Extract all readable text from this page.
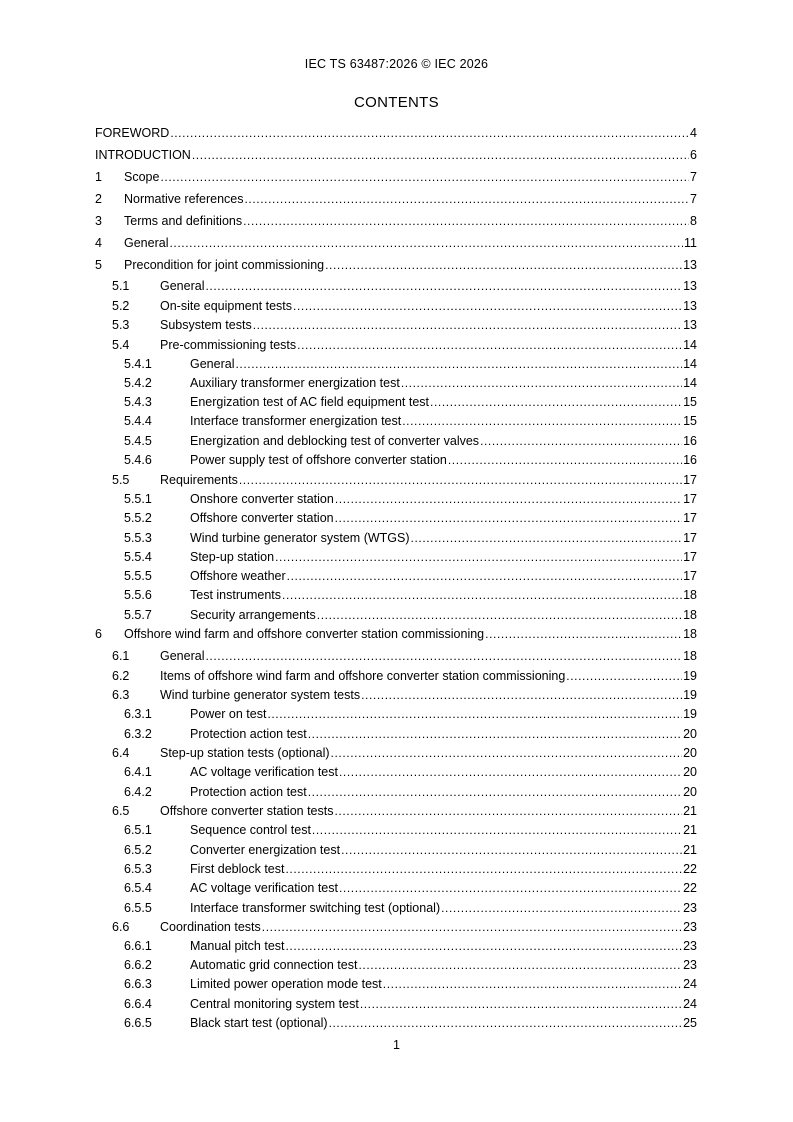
IEC TS 63487:2026 © IEC 2026
CONTENTS
FOREWORD .....	4
INTRODUCTION .....	6
1	Scope .....	7
2	Normative references .....	7
3	Terms and definitions .....	8
4	General .....	11
5	Precondition for joint commissioning .....	13
5.1	General .....	13
5.2	On-site equipment tests .....	13
5.3	Subsystem tests .....	13
5.4	Pre-commissioning tests .....	14
5.4.1	General .....	14
5.4.2	Auxiliary transformer energization test .....	14
5.4.3	Energization test of AC field equipment test .....	15
5.4.4	Interface transformer energization test .....	15
5.4.5	Energization and deblocking test of converter valves .....	16
5.4.6	Power supply test of offshore converter station .....	16
5.5	Requirements .....	17
5.5.1	Onshore converter station .....	17
5.5.2	Offshore converter station .....	17
5.5.3	Wind turbine generator system (WTGS) .....	17
5.5.4	Step-up station .....	17
5.5.5	Offshore weather .....	17
5.5.6	Test instruments .....	18
5.5.7	Security arrangements .....	18
6	Offshore wind farm and offshore converter station commissioning .....	18
6.1	General .....	18
6.2	Items of offshore wind farm and offshore converter station commissioning .....	19
6.3	Wind turbine generator system tests .....	19
6.3.1	Power on test .....	19
6.3.2	Protection action test .....	20
6.4	Step-up station tests (optional) .....	20
6.4.1	AC voltage verification test .....	20
6.4.2	Protection action test .....	20
6.5	Offshore converter station tests .....	21
6.5.1	Sequence control test .....	21
6.5.2	Converter energization test .....	21
6.5.3	First deblock test .....	22
6.5.4	AC voltage verification test .....	22
6.5.5	Interface transformer switching test (optional) .....	23
6.6	Coordination tests .....	23
6.6.1	Manual pitch test .....	23
6.6.2	Automatic grid connection test .....	23
6.6.3	Limited power operation mode test .....	24
6.6.4	Central monitoring system test .....	24
6.6.5	Black start test (optional) .....	25
1
